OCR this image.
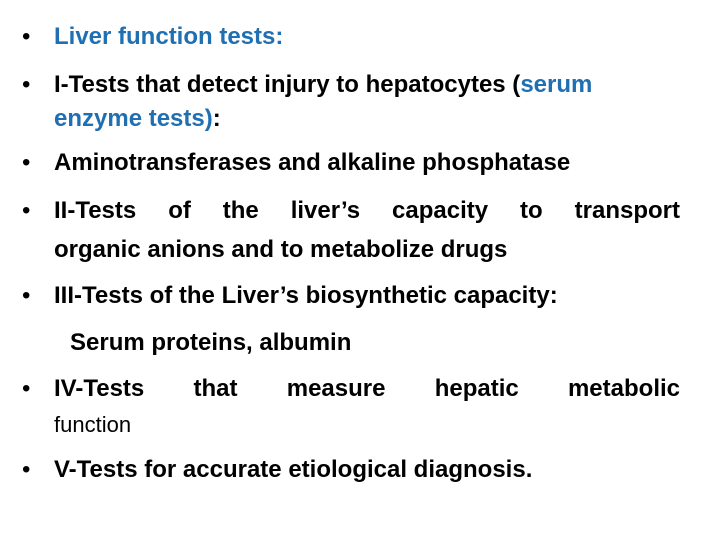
• Liver function tests:
• I-Tests that detect injury to hepatocytes (serum
enzyme tests):
• Aminotransferases and alkaline phosphatase
• II-Tests of the liver’s capacity to transport
organic anions and to metabolize drugs
• III-Tests of the Liver’s biosynthetic capacity:
Serum proteins, albumin
• IV-Tests that measure hepatic metabolic
function
• V-Tests for accurate etiological diagnosis.
